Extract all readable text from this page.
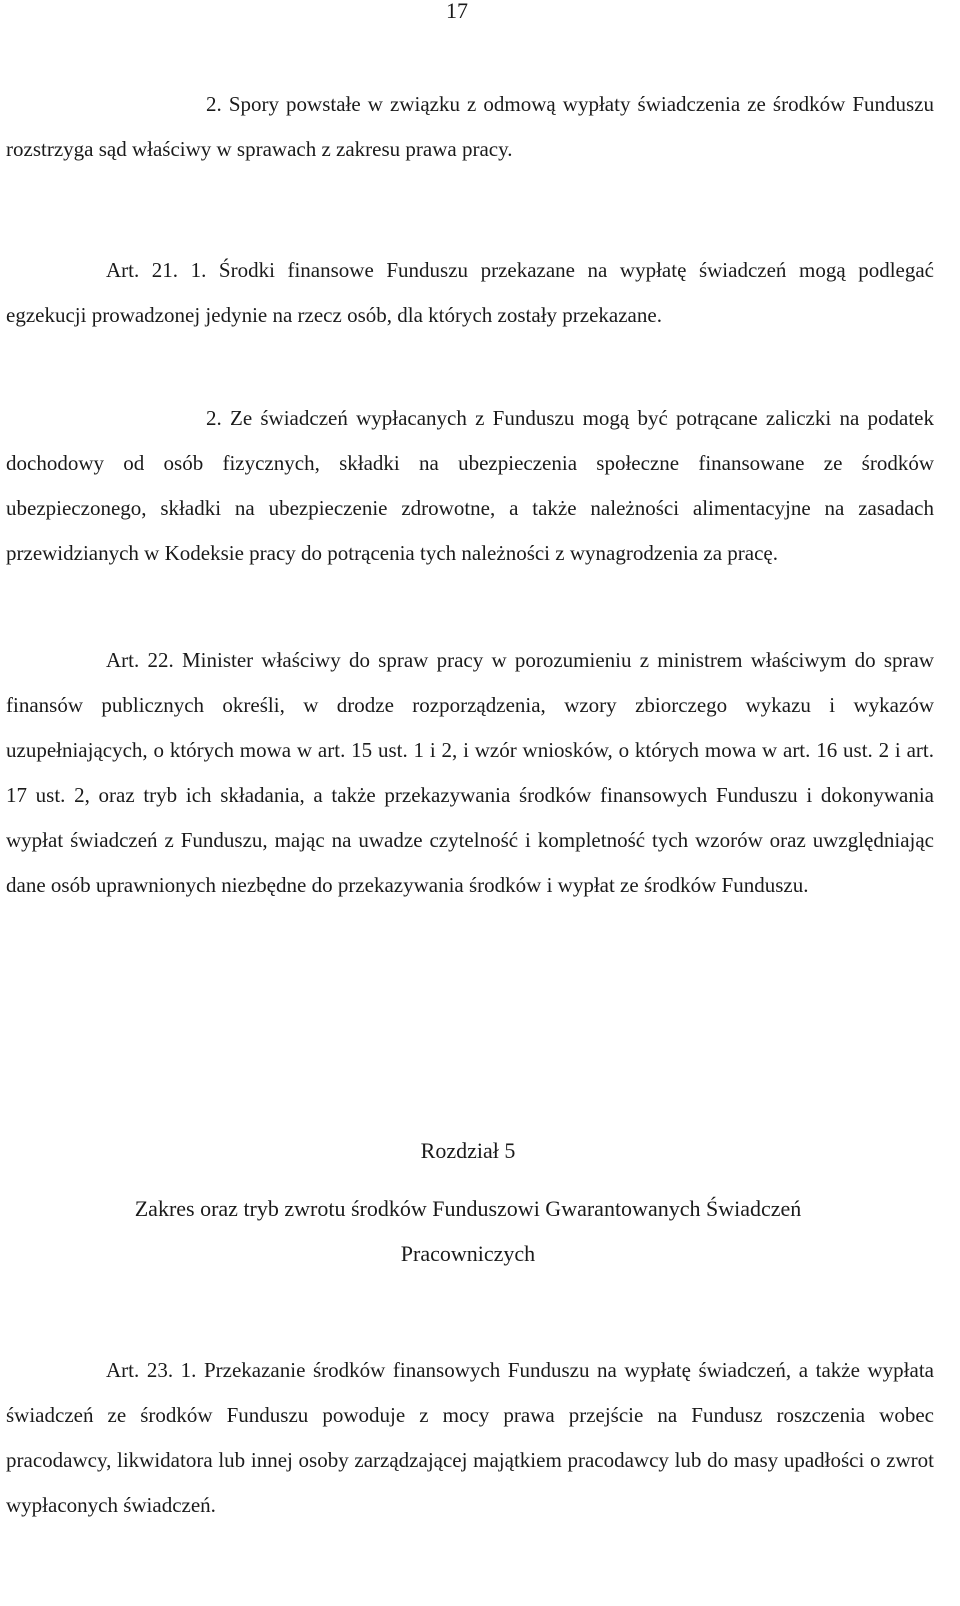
17

2. Spory powstałe w związku z odmową wypłaty świadczenia ze środków Funduszu rozstrzyga sąd właściwy w sprawach z zakresu prawa pracy.

Art. 21. 1. Środki finansowe Funduszu przekazane na wypłatę świadczeń mogą podlegać egzekucji prowadzonej jedynie na rzecz osób, dla których zostały przekazane.

2. Ze świadczeń wypłacanych z Funduszu mogą być potrącane zaliczki na podatek dochodowy od osób fizycznych, składki na ubezpieczenia społeczne finansowane ze środków ubezpieczonego, składki na ubezpieczenie zdrowotne, a także należności alimentacyjne na zasadach przewidzianych w Kodeksie pracy do potrącenia tych należności z wynagrodzenia za pracę.

Art. 22. Minister właściwy do spraw pracy w porozumieniu z ministrem właściwym do spraw finansów publicznych określi, w drodze rozporządzenia, wzory zbiorczego wykazu i wykazów uzupełniających, o których mowa w art. 15 ust. 1 i 2, i wzór wniosków, o których mowa w art. 16 ust. 2 i art. 17 ust. 2, oraz tryb ich składania, a także przekazywania środków finansowych Funduszu i dokonywania wypłat świadczeń z Funduszu, mając na uwadze czytelność i kompletność tych wzorów oraz uwzględniając dane osób uprawnionych niezbędne do przekazywania środków i wypłat ze środków Funduszu.

Rozdział 5

Zakres oraz tryb zwrotu środków Funduszowi Gwarantowanych Świadczeń

Pracowniczych

Art. 23. 1. Przekazanie środków finansowych Funduszu na wypłatę świadczeń, a także wypłata świadczeń ze środków Funduszu powoduje z mocy prawa przejście na Fundusz roszczenia wobec pracodawcy, likwidatora lub innej osoby zarządzającej majątkiem pracodawcy lub do masy upadłości o zwrot wypłaconych świadczeń.
